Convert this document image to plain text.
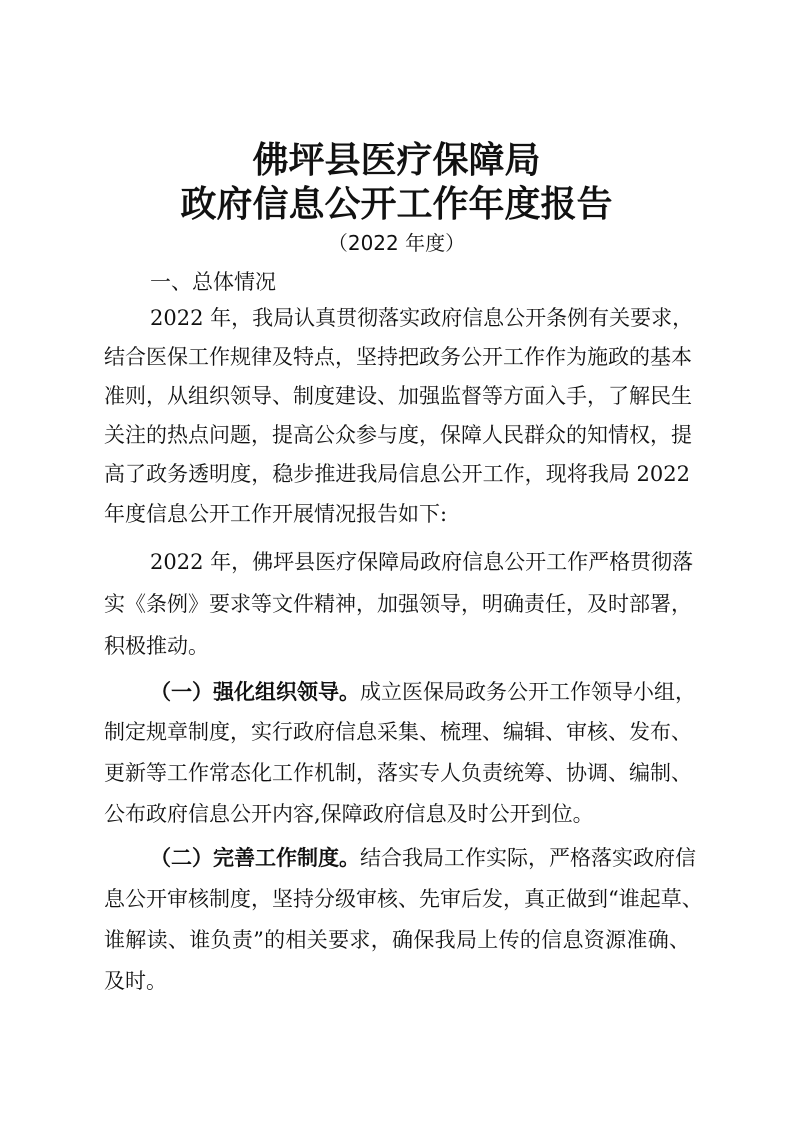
佛坪县医疗保障局
政府信息公开工作年度报告
（2022 年度）
一、总体情况
2022 年，我局认真贯彻落实政府信息公开条例有关要求，
结合医保工作规律及特点，坚持把政务公开工作作为施政的基本
准则，从组织领导、制度建设、加强监督等方面入手，了解民生
关注的热点问题，提高公众参与度，保障人民群众的知情权，提
高了政务透明度，稳步推进我局信息公开工作，现将我局 2022
年度信息公开工作开展情况报告如下:
2022 年，佛坪县医疗保障局政府信息公开工作严格贯彻落
实《条例》要求等文件精神，加强领导，明确责任，及时部署，
积极推动。
（一）强化组织领导。成立医保局政务公开工作领导小组，
制定规章制度，实行政府信息采集、梳理、编辑、审核、发布、
更新等工作常态化工作机制，落实专人负责统筹、协调、编制、
公布政府信息公开内容,保障政府信息及时公开到位。
（二）完善工作制度。结合我局工作实际，严格落实政府信
息公开审核制度，坚持分级审核、先审后发，真正做到“谁起草、
谁解读、谁负责”的相关要求，确保我局上传的信息资源准确、
及时。
